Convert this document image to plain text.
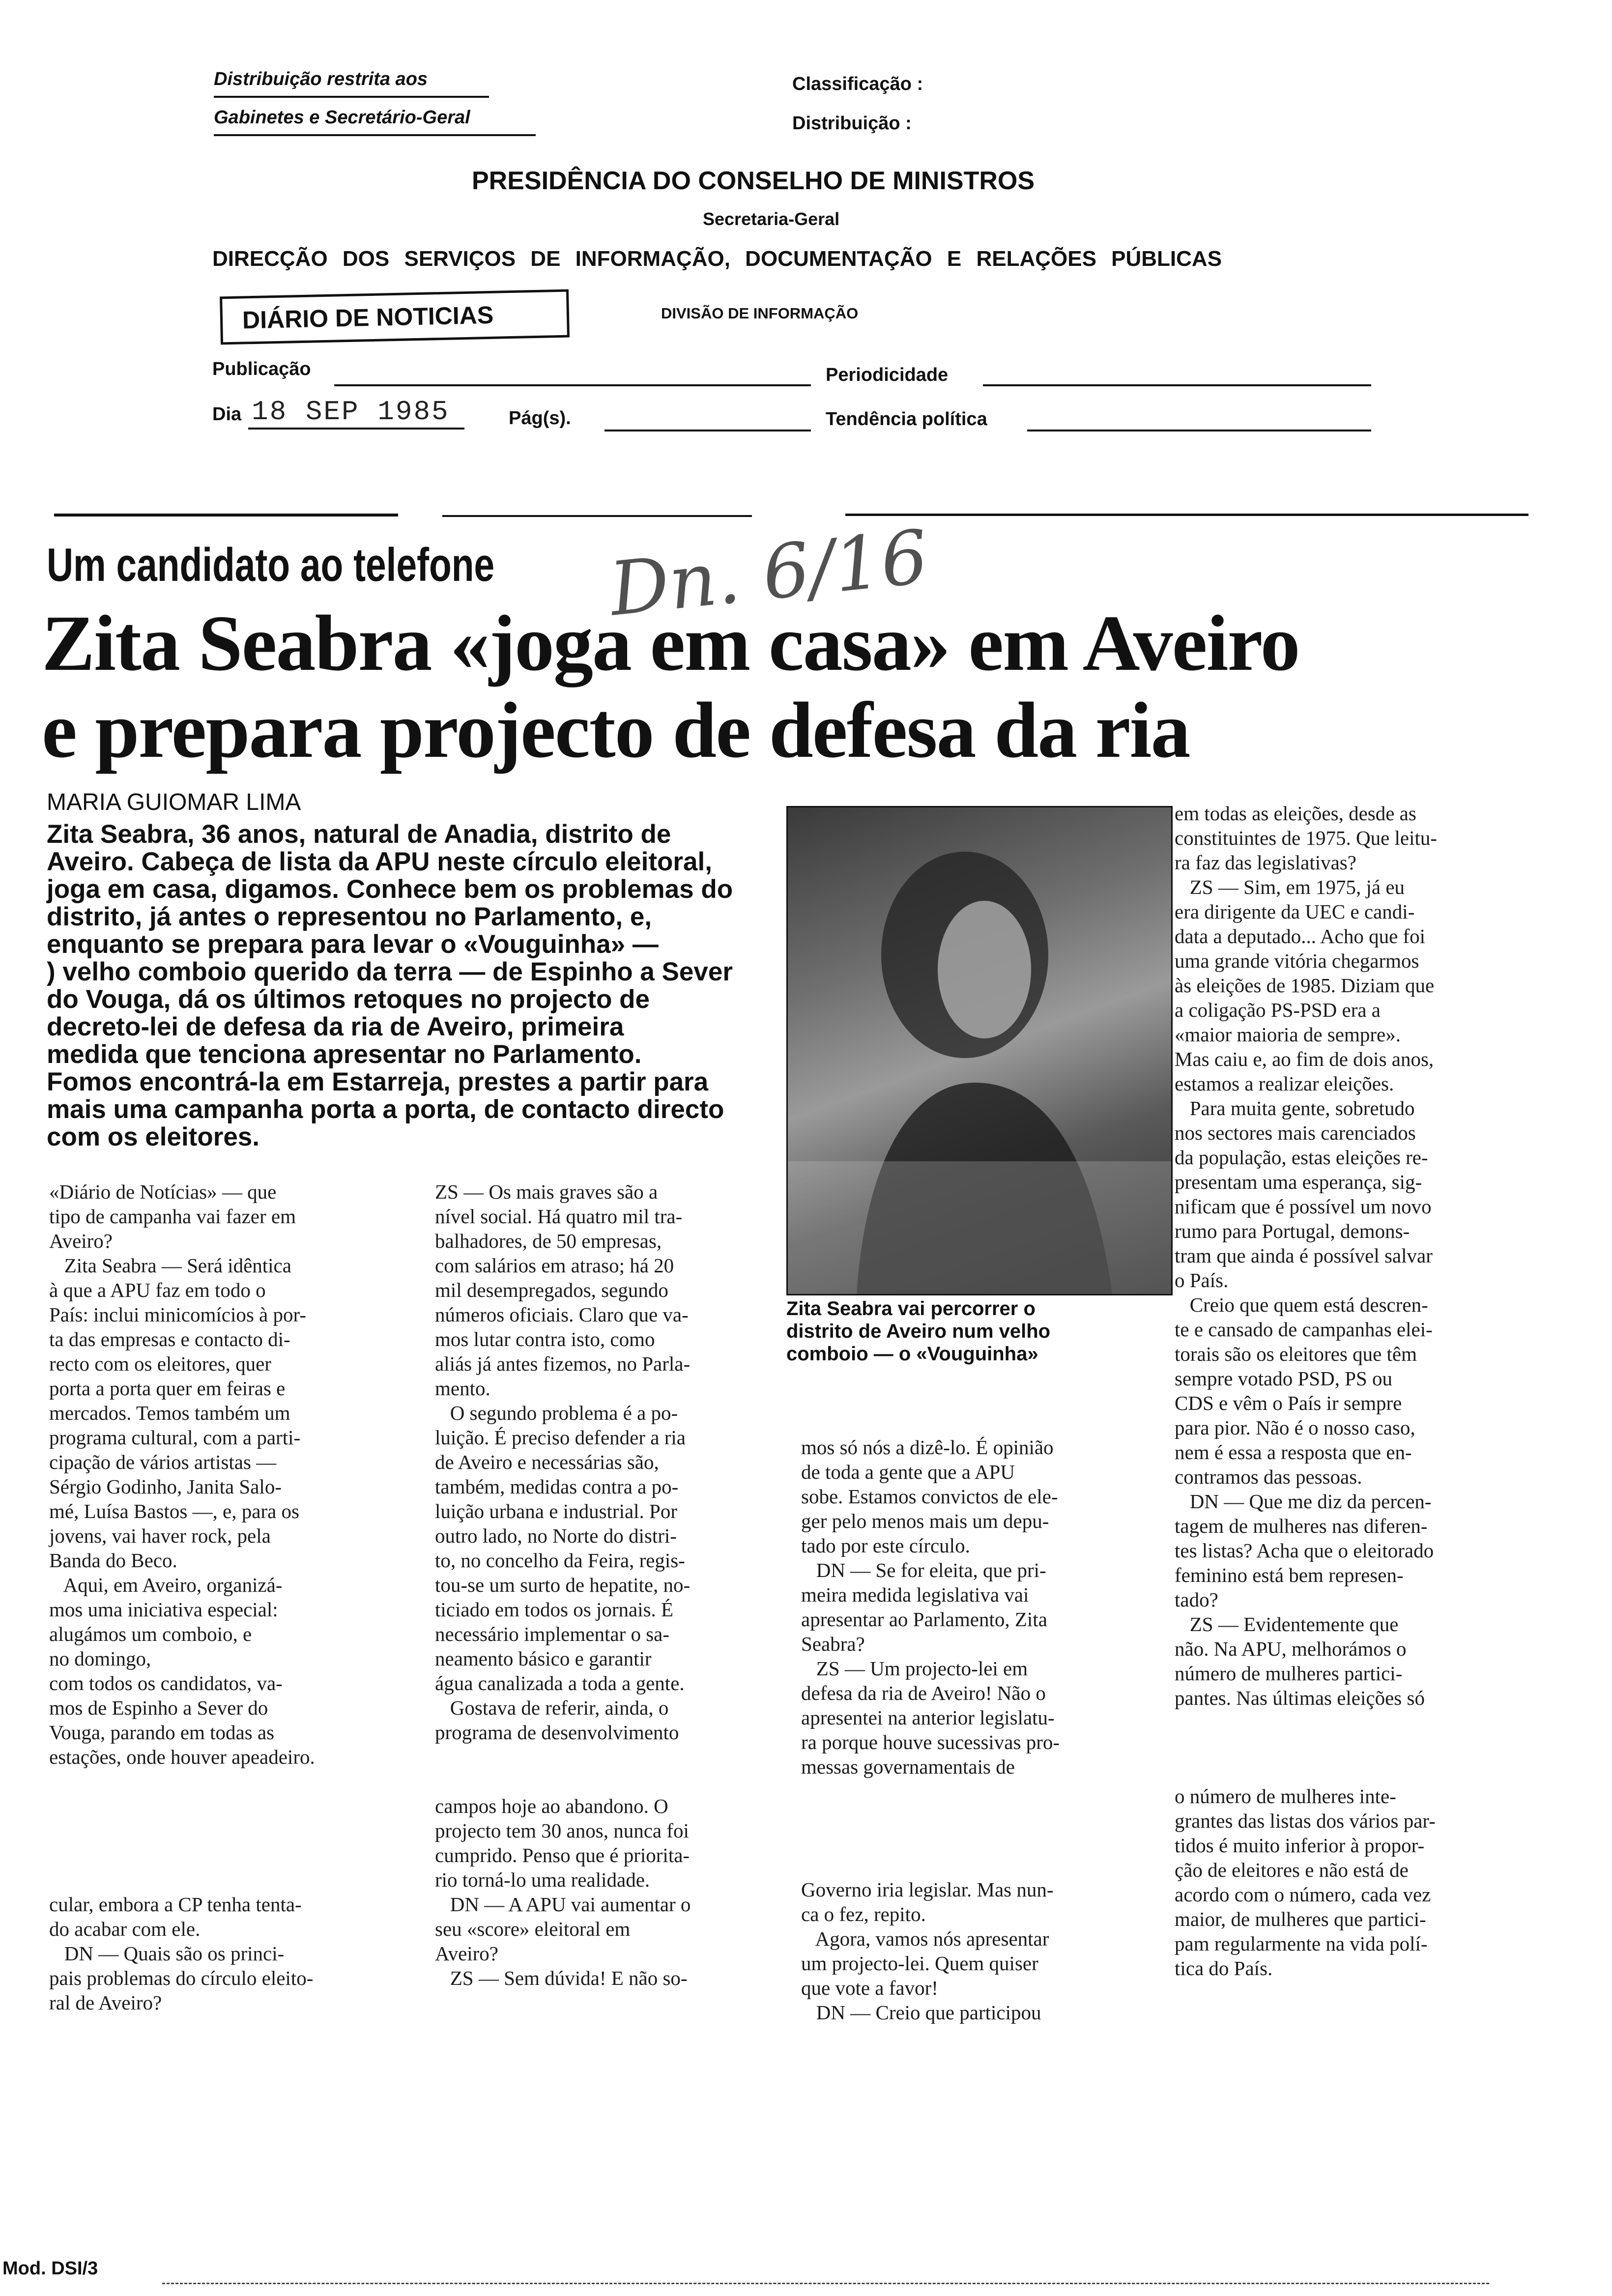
Distribuição restrita aos
Gabinetes e Secretário-Geral
Classificação :
Distribuição :
PRESIDÊNCIA DO CONSELHO DE MINISTROS
Secretaria-Geral
DIRECÇÃO DOS SERVIÇOS DE INFORMAÇÃO, DOCUMENTAÇÃO E RELAÇÕES PÚBLICAS
DIÁRIO DE NOTICIAS	DIVISÃO DE INFORMAÇÃO
Publicação	Periodicidade
Dia 18 SEP 1985	Pág(s).	Tendência política
Um candidato ao telefone Dn. 6/16
Zita Seabra «joga em casa» em Aveiro
e prepara projecto de defesa da ria
MARIA GUIOMAR LIMA
Zita Seabra, 36 anos, natural de Anadia, distrito de
Aveiro. Cabeça de lista da APU neste círculo eleitoral,
joga em casa, digamos. Conhece bem os problemas do
distrito, já antes o representou no Parlamento, e,
enquanto se prepara para levar o «Vouguinha» —
) velho comboio querido da terra — de Espinho a Sever
do Vouga, dá os últimos retoques no projecto de
decreto-lei de defesa da ria de Aveiro, primeira
medida que tenciona apresentar no Parlamento.
Fomos encontrá-la em Estarreja, prestes a partir para
mais uma campanha porta a porta, de contacto directo
com os eleitores.
Zita Seabra vai percorrer o
distrito de Aveiro num velho
comboio — o «Vouguinha»
«Diário de Notícias» — que
tipo de campanha vai fazer em
Aveiro?
Zita Seabra — Será idêntica
à que a APU faz em todo o
País: inclui minicomícios à por-
ta das empresas e contacto di-
recto com os eleitores, quer
porta a porta quer em feiras e
mercados. Temos também um
programa cultural, com a parti-
cipação de vários artistas —
Sérgio Godinho, Janita Salo-
mé, Luísa Bastos —, e, para os
jovens, vai haver rock, pela
Banda do Beco.
Aqui, em Aveiro, organizá-
mos uma iniciativa especial:
alugámos um comboio, e
no domingo,
com todos os candidatos, va-
mos de Espinho a Sever do
Vouga, parando em todas as
estações, onde houver apeadeiro.

cular, embora a CP tenha tenta-
do acabar com ele.
DN — Quais são os princi-
pais problemas do círculo eleito-
ral de Aveiro?
ZS — Os mais graves são a
nível social. Há quatro mil tra-
balhadores, de 50 empresas,
com salários em atraso; há 20
mil desempregados, segundo
números oficiais. Claro que va-
mos lutar contra isto, como
aliás já antes fizemos, no Parla-
mento.
O segundo problema é a po-
luição. É preciso defender a ria
de Aveiro e necessárias são,
também, medidas contra a po-
luição urbana e industrial. Por
outro lado, no Norte do distri-
to, no concelho da Feira, regis-
tou-se um surto de hepatite, no-
ticiado em todos os jornais. É
necessário implementar o sa-
neamento básico e garantir
água canalizada a toda a gente.
Gostava de referir, ainda, o
programa de desenvolvimento

campos hoje ao abandono. O
projecto tem 30 anos, nunca foi
cumprido. Penso que é priorita-
rio torná-lo uma realidade.
DN — A APU vai aumentar o
seu «score» eleitoral em
Aveiro?
ZS — Sem dúvida! E não so-
mos só nós a dizê-lo. É opinião
de toda a gente que a APU
sobe. Estamos convictos de ele-
ger pelo menos mais um depu-
tado por este círculo.
DN — Se for eleita, que pri-
meira medida legislativa vai
apresentar ao Parlamento, Zita
Seabra?
ZS — Um projecto-lei em
defesa da ria de Aveiro! Não o
apresentei na anterior legislatu-
ra porque houve sucessivas pro-
messas governamentais de

Governo iria legislar. Mas nun-
ca o fez, repito.
Agora, vamos nós apresentar
um projecto-lei. Quem quiser
que vote a favor!
DN — Creio que participou
em todas as eleições, desde as
constituintes de 1975. Que leitu-
ra faz das legislativas?
ZS — Sim, em 1975, já eu
era dirigente da UEC e candi-
data a deputado... Acho que foi
uma grande vitória chegarmos
às eleições de 1985. Diziam que
a coligação PS-PSD era a
«maior maioria de sempre».
Mas caiu e, ao fim de dois anos,
estamos a realizar eleições.
Para muita gente, sobretudo
nos sectores mais carenciados
da população, estas eleições re-
presentam uma esperança, sig-
nificam que é possível um novo
rumo para Portugal, demons-
tram que ainda é possível salvar
o País.
Creio que quem está descren-
te e cansado de campanhas elei-
torais são os eleitores que têm
sempre votado PSD, PS ou
CDS e vêm o País ir sempre
para pior. Não é o nosso caso,
nem é essa a resposta que en-
contramos das pessoas.
DN — Que me diz da percen-
tagem de mulheres nas diferen-
tes listas? Acha que o eleitorado
feminino está bem represen-
tado?
ZS — Evidentemente que
não. Na APU, melhorámos o
número de mulheres partici-
pantes. Nas últimas eleições só

o número de mulheres inte-
grantes das listas dos vários par-
tidos é muito inferior à propor-
ção de eleitores e não está de
acordo com o número, cada vez
maior, de mulheres que partici-
pam regularmente na vida polí-
tica do País.
Mod. DSI/3
